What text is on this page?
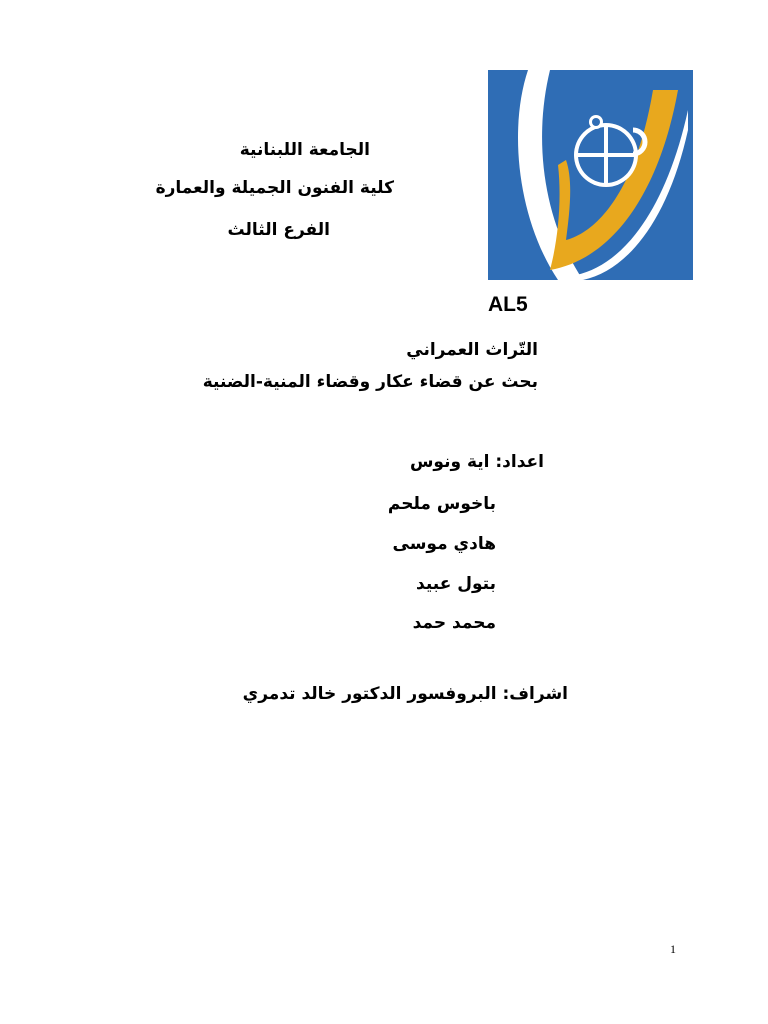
الجامعة اللبنانية
كلية الفنون الجميلة والعمارة
الفرع الثالث
AL5
التّراث العمراني
بحث عن قضاء عكار وقضاء المنية-الضنية
اعداد: اية ونوس
باخوس ملحم
هادي موسى
بتول عبيد
محمد حمد
اشراف: البروفسور الدكتور خالد تدمري
1
